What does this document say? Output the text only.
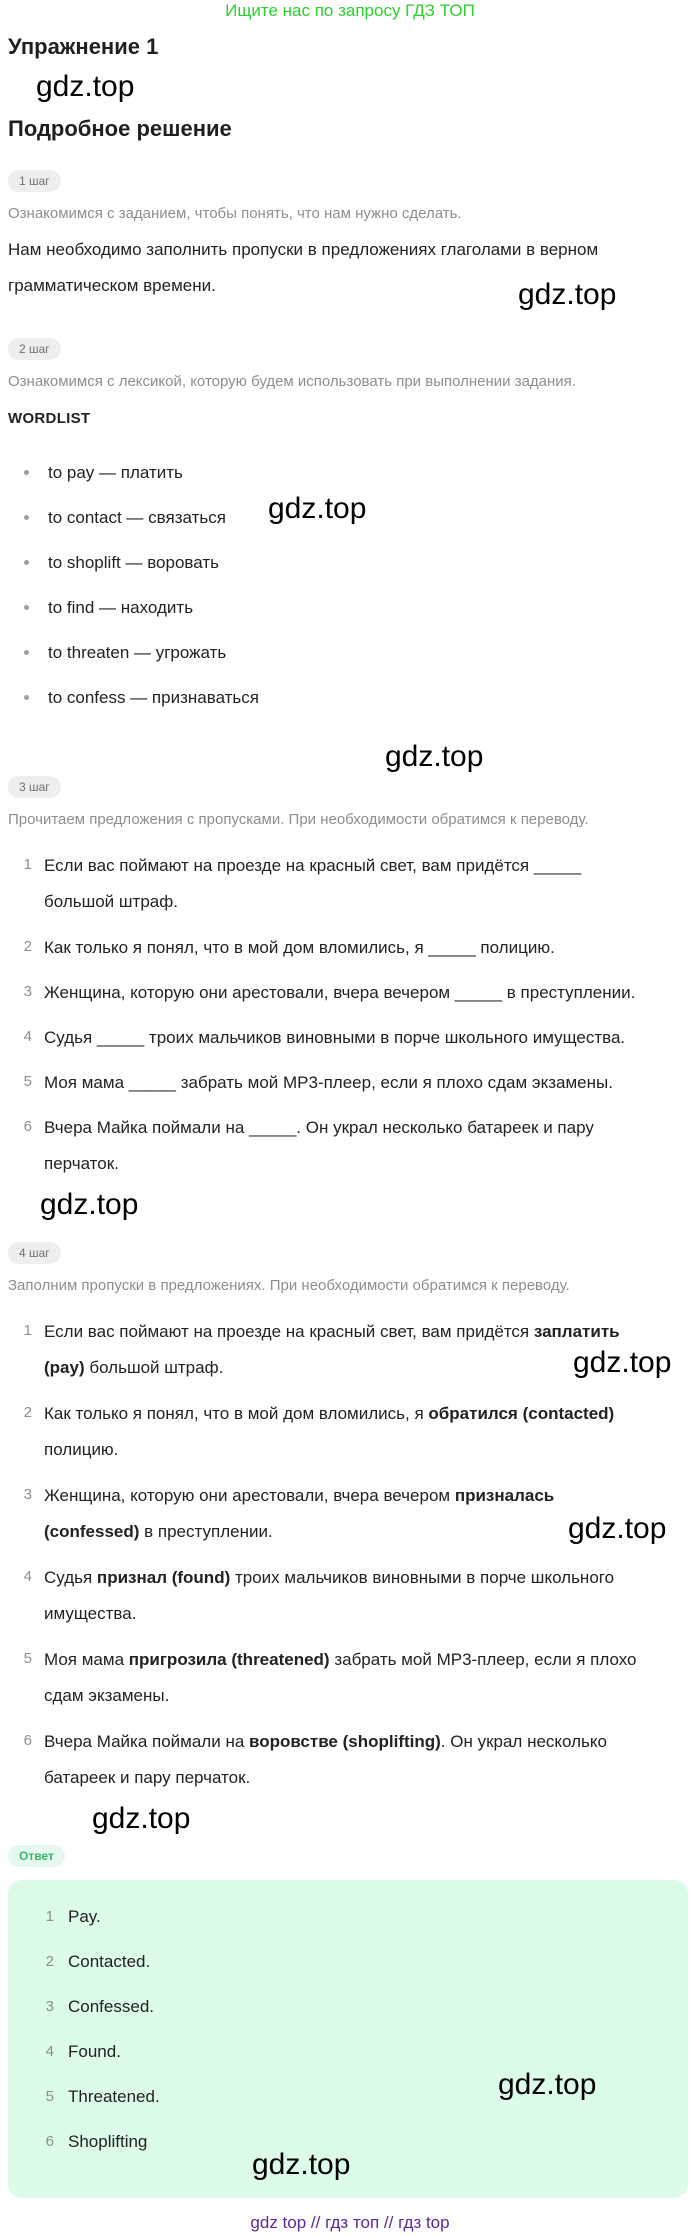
Ищите нас по запросу ГДЗ ТОП
Упражнение 1
gdz.top
Подробное решение
1 шаг
Ознакомимся с заданием, чтобы понять, что нам нужно сделать.
Нам необходимо заполнить пропуски в предложениях глаголами в верном
грамматическом времени.	gdz.top
2 шаг
Ознакомимся с лексикой, которую будем использовать при выполнении задания.
WORDLIST
to pay — платить
to contact — связаться
to shoplift — воровать
to find — находить
to threaten — угрожать
to confess — признаваться
gdz.top
gdz.top
3 шаг
Прочитаем предложения с пропусками. При необходимости обратимся к переводу.
1 Если вас поймают на проезде на красный свет, вам придётся _____
большой штраф.
2 Как только я понял, что в мой дом вломились, я _____ полицию.
3 Женщина, которую они арестовали, вчера вечером _____ в преступлении.
4 Судья _____ троих мальчиков виновными в порче школьного имущества.
5 Моя мама _____ забрать мой MP3-плеер, если я плохо сдам экзамены.
6 Вчера Майка поймали на _____. Он украл несколько батареек и пару
перчаток.
gdz.top
4 шаг
Заполним пропуски в предложениях. При необходимости обратимся к переводу.
1 Если вас поймают на проезде на красный свет, вам придётся заплатить
(pay) большой штраф.	gdz.top
2 Как только я понял, что в мой дом вломились, я обратился (contacted)
полицию.
3 Женщина, которую они арестовали, вчера вечером призналась
(confessed) в преступлении.	gdz.top
4 Судья признал (found) троих мальчиков виновными в порче школьного
имущества.
5 Моя мама пригрозила (threatened) забрать мой MP3-плеер, если я плохо
сдам экзамены.
6 Вчера Майка поймали на воровстве (shoplifting). Он украл несколько
батареек и пару перчаток.
gdz.top
Ответ
1 Pay.
2 Contacted.
3 Confessed.
4 Found.
5 Threatened.
6 Shoplifting
gdz.top
gdz.top
gdz top // гдз топ // гдз top
